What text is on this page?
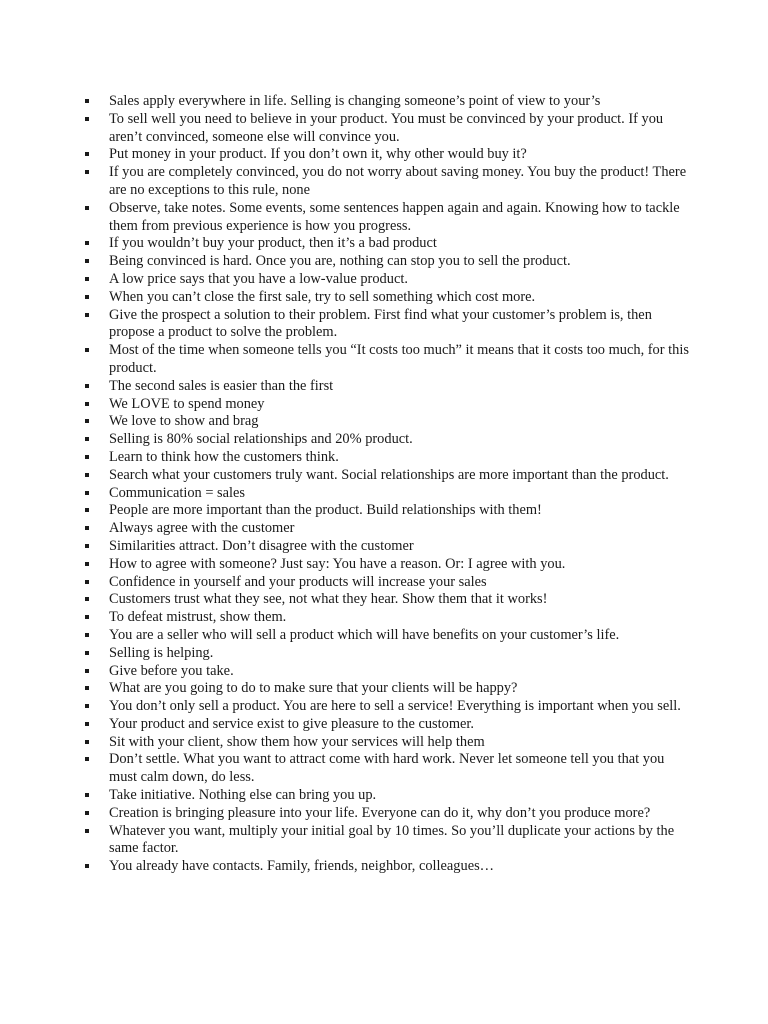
Sales apply everywhere in life. Selling is changing someone’s point of view to your’s
To sell well you need to believe in your product. You must be convinced by your product. If you aren’t convinced, someone else will convince you.
Put money in your product. If you don’t own it, why other would buy it?
If you are completely convinced, you do not worry about saving money. You buy the product! There are no exceptions to this rule, none
Observe, take notes. Some events, some sentences happen again and again. Knowing how to tackle them from previous experience is how you progress.
If you wouldn’t buy your product, then it’s a bad product
Being convinced is hard. Once you are, nothing can stop you to sell the product.
A low price says that you have a low-value product.
When you can’t close the first sale, try to sell something which cost more.
Give the prospect a solution to their problem. First find what your customer’s problem is, then propose a product to solve the problem.
Most of the time when someone tells you “It costs too much” it means that it costs too much, for this product.
The second sales is easier than the first
We LOVE to spend money
We love to show and brag
Selling is 80% social relationships and 20% product.
Learn to think how the customers think.
Search what your customers truly want. Social relationships are more important than the product.
Communication = sales
People are more important than the product. Build relationships with them!
Always agree with the customer
Similarities attract. Don’t disagree with the customer
How to agree with someone? Just say: You have a reason. Or: I agree with you.
Confidence in yourself and your products will increase your sales
Customers trust what they see, not what they hear. Show them that it works!
To defeat mistrust, show them.
You are a seller who will sell a product which will have benefits on your customer’s life.
Selling is helping.
Give before you take.
What are you going to do to make sure that your clients will be happy?
You don’t only sell a product. You are here to sell a service! Everything is important when you sell.
Your product and service exist to give pleasure to the customer.
Sit with your client, show them how your services will help them
Don’t settle. What you want to attract come with hard work. Never let someone tell you that you must calm down, do less.
Take initiative. Nothing else can bring you up.
Creation is bringing pleasure into your life. Everyone can do it, why don’t you produce more?
Whatever you want, multiply your initial goal by 10 times. So you’ll duplicate your actions by the same factor.
You already have contacts. Family, friends, neighbor, colleagues…
